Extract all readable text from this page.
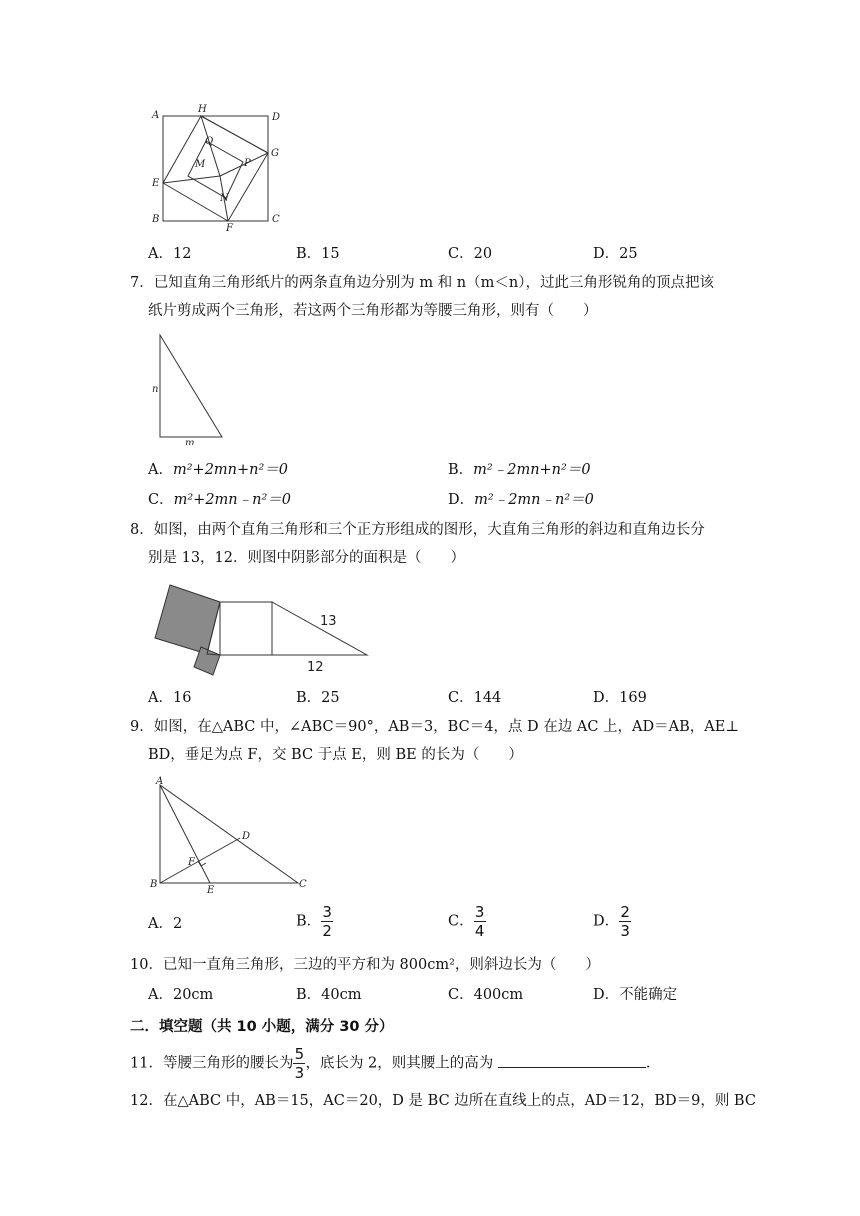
A
H
D
Q
M
G
P
E
N
B
F
C
A．12	B．15	C．20	D．25
7．已知直角三角形纸片的两条直角边分别为 m 和 n（m＜n），过此三角形锐角的顶点把该
纸片剪成两个三角形，若这两个三角形都为等腰三角形，则有（　　）
n
m
A．m²+2mn+n²＝0	B．m²﹣2mn+n²＝0
C．m²+2mn﹣n²＝0	D．m²﹣2mn﹣n²＝0
8．如图，由两个直角三角形和三个正方形组成的图形，大直角三角形的斜边和直角边长分
别是 13，12．则图中阴影部分的面积是（　　）
13
12
A．16	B．25	C．144	D．169
9．如图，在△ABC 中，∠ABC＝90°，AB＝3，BC＝4，点 D 在边 AC 上，AD＝AB，AE⊥
BD，垂足为点 F，交 BC 于点 E，则 BE 的长为（　　）
A
D
F
B
E
C
A．2	B． $\frac{3}{2}$	C． $\frac{3}{4}$	D． $\frac{2}{3}$
10．已知一直角三角形，三边的平方和为 800cm²，则斜边长为（　　）
A．20cm	B．40cm	C．400cm	D．不能确定
二．填空题（共 10 小题，满分 30 分）
11．等腰三角形的腰长为 $\frac{5}{3}$ ，底长为 2，则其腰上的高为	．
12．在△ABC 中，AB＝15，AC＝20，D 是 BC 边所在直线上的点，AD＝12，BD＝9，则 BC
